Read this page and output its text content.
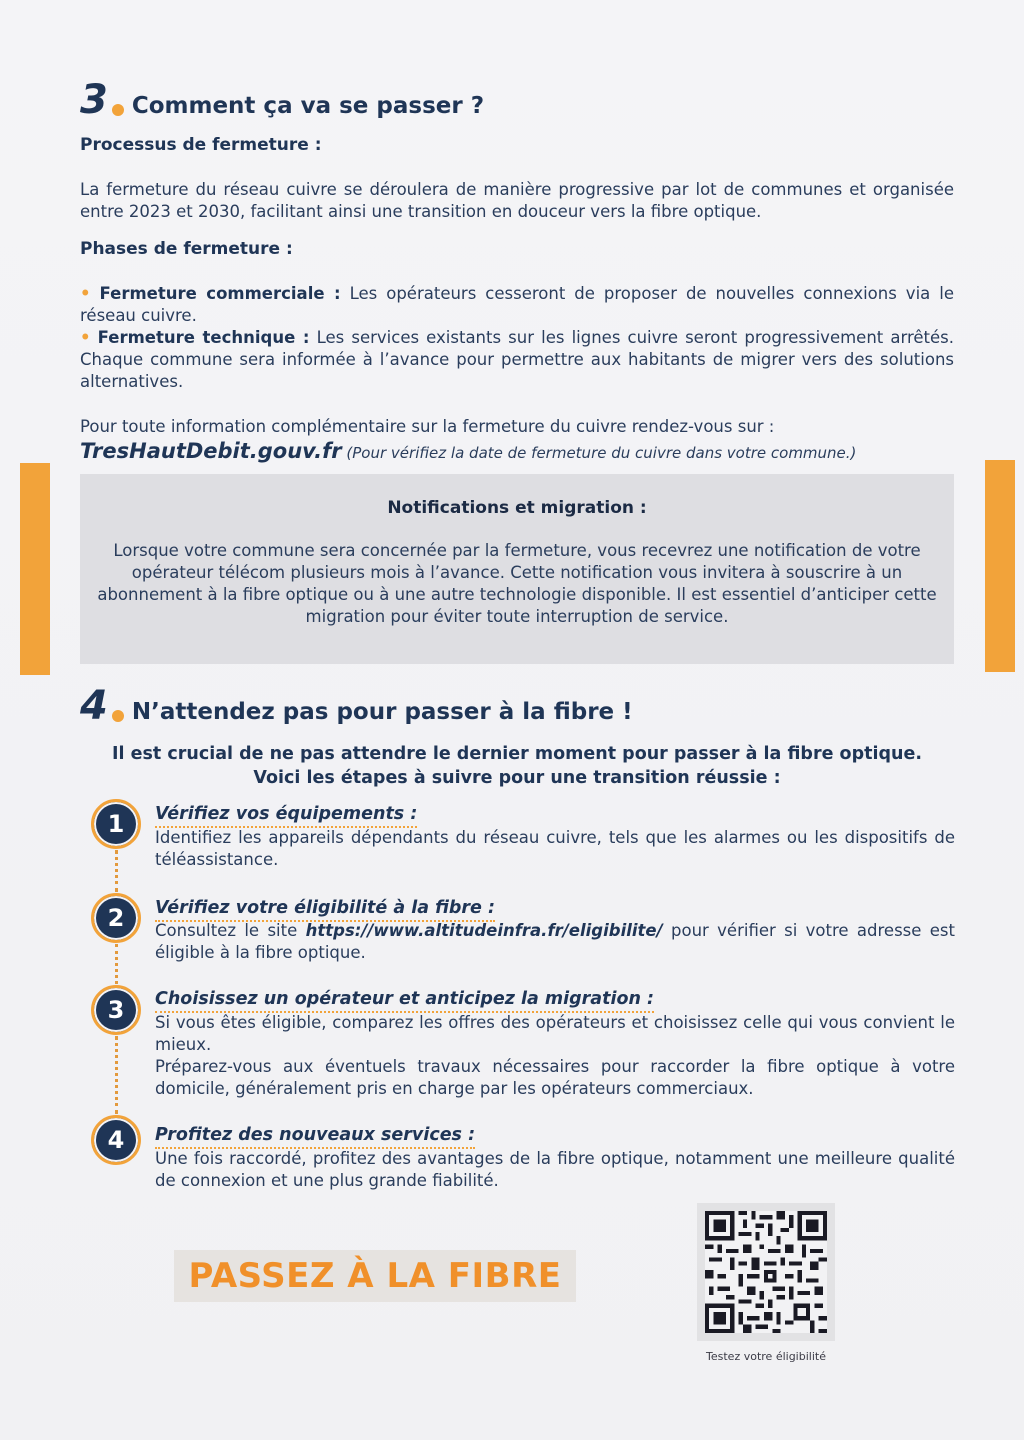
3 Comment ça va se passer ?
Processus de fermeture :
La fermeture du réseau cuivre se déroulera de manière progressive par lot de communes et organisée entre 2023 et 2030, facilitant ainsi une transition en douceur vers la fibre optique.
Phases de fermeture :
• Fermeture commerciale : Les opérateurs cesseront de proposer de nouvelles connexions via le réseau cuivre.
• Fermeture technique : Les services existants sur les lignes cuivre seront progressivement arrêtés. Chaque commune sera informée à l’avance pour permettre aux habitants de migrer vers des solutions alternatives.
Pour toute information complémentaire sur la fermeture du cuivre rendez-vous sur :
TresHautDebit.gouv.fr (Pour vérifiez la date de fermeture du cuivre dans votre commune.)
Notifications et migration :
Lorsque votre commune sera concernée par la fermeture, vous recevrez une notification de votre opérateur télécom plusieurs mois à l’avance. Cette notification vous invitera à souscrire à un abonnement à la fibre optique ou à une autre technologie disponible. Il est essentiel d’anticiper cette migration pour éviter toute interruption de service.
4 N’attendez pas pour passer à la fibre !
Il est crucial de ne pas attendre le dernier moment pour passer à la fibre optique.
Voici les étapes à suivre pour une transition réussie :
1	Vérifiez vos équipements :
Identifiez les appareils dépendants du réseau cuivre, tels que les alarmes ou les dispositifs de téléassistance.
2	Vérifiez votre éligibilité à la fibre :
Consultez le site https://www.altitudeinfra.fr/eligibilite/ pour vérifier si votre adresse est éligible à la fibre optique.
3	Choisissez un opérateur et anticipez la migration :
Si vous êtes éligible, comparez les offres des opérateurs et choisissez celle qui vous convient le mieux.
Préparez-vous aux éventuels travaux nécessaires pour raccorder la fibre optique à votre domicile, généralement pris en charge par les opérateurs commerciaux.
4	Profitez des nouveaux services :
Une fois raccordé, profitez des avantages de la fibre optique, notamment une meilleure qualité de connexion et une plus grande fiabilité.
PASSEZ À LA FIBRE
Testez votre éligibilité
